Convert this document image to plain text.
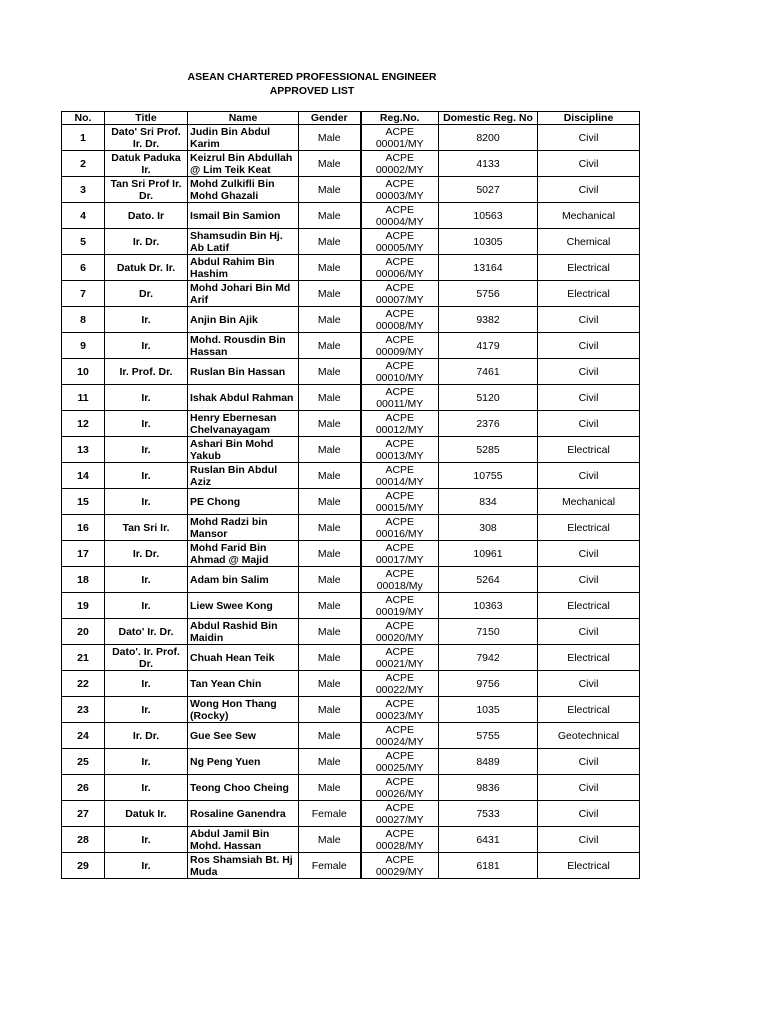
ASEAN CHARTERED PROFESSIONAL ENGINEER
APPROVED LIST
No.	Title	Name	Gender	Reg.No.	Domestic Reg. No	Discipline
1	Dato' Sri Prof. Ir. Dr.	Judin Bin Abdul Karim	Male	ACPE 00001/MY	8200	Civil
2	Datuk Paduka Ir.	Keizrul Bin Abdullah @ Lim Teik Keat	Male	ACPE 00002/MY	4133	Civil
3	Tan Sri Prof Ir. Dr.	Mohd Zulkifli Bin Mohd Ghazali	Male	ACPE 00003/MY	5027	Civil
4	Dato. Ir	Ismail Bin Samion	Male	ACPE 00004/MY	10563	Mechanical
5	Ir. Dr.	Shamsudin Bin Hj. Ab Latif	Male	ACPE 00005/MY	10305	Chemical
6	Datuk Dr. Ir.	Abdul Rahim Bin Hashim	Male	ACPE 00006/MY	13164	Electrical
7	Dr.	Mohd Johari Bin Md Arif	Male	ACPE 00007/MY	5756	Electrical
8	Ir.	Anjin Bin Ajik	Male	ACPE 00008/MY	9382	Civil
9	Ir.	Mohd. Rousdin Bin Hassan	Male	ACPE 00009/MY	4179	Civil
10	Ir. Prof. Dr.	Ruslan Bin Hassan	Male	ACPE 00010/MY	7461	Civil
11	Ir.	Ishak Abdul Rahman	Male	ACPE 00011/MY	5120	Civil
12	Ir.	Henry Ebernesan Chelvanayagam	Male	ACPE 00012/MY	2376	Civil
13	Ir.	Ashari Bin Mohd Yakub	Male	ACPE 00013/MY	5285	Electrical
14	Ir.	Ruslan Bin Abdul Aziz	Male	ACPE 00014/MY	10755	Civil
15	Ir.	PE Chong	Male	ACPE 00015/MY	834	Mechanical
16	Tan Sri Ir.	Mohd Radzi bin Mansor	Male	ACPE 00016/MY	308	Electrical
17	Ir. Dr.	Mohd Farid Bin Ahmad @ Majid	Male	ACPE 00017/MY	10961	Civil
18	Ir.	Adam bin Salim	Male	ACPE 00018/My	5264	Civil
19	Ir.	Liew Swee Kong	Male	ACPE 00019/MY	10363	Electrical
20	Dato' Ir. Dr.	Abdul Rashid Bin Maidin	Male	ACPE 00020/MY	7150	Civil
21	Dato'. Ir. Prof. Dr.	Chuah Hean Teik	Male	ACPE 00021/MY	7942	Electrical
22	Ir.	Tan Yean Chin	Male	ACPE 00022/MY	9756	Civil
23	Ir.	Wong Hon Thang (Rocky)	Male	ACPE 00023/MY	1035	Electrical
24	Ir. Dr.	Gue See Sew	Male	ACPE 00024/MY	5755	Geotechnical
25	Ir.	Ng Peng Yuen	Male	ACPE 00025/MY	8489	Civil
26	Ir.	Teong Choo Cheing	Male	ACPE 00026/MY	9836	Civil
27	Datuk Ir.	Rosaline Ganendra	Female	ACPE 00027/MY	7533	Civil
28	Ir.	Abdul Jamil Bin Mohd. Hassan	Male	ACPE 00028/MY	6431	Civil
29	Ir.	Ros Shamsiah Bt. Hj Muda	Female	ACPE 00029/MY	6181	Electrical
